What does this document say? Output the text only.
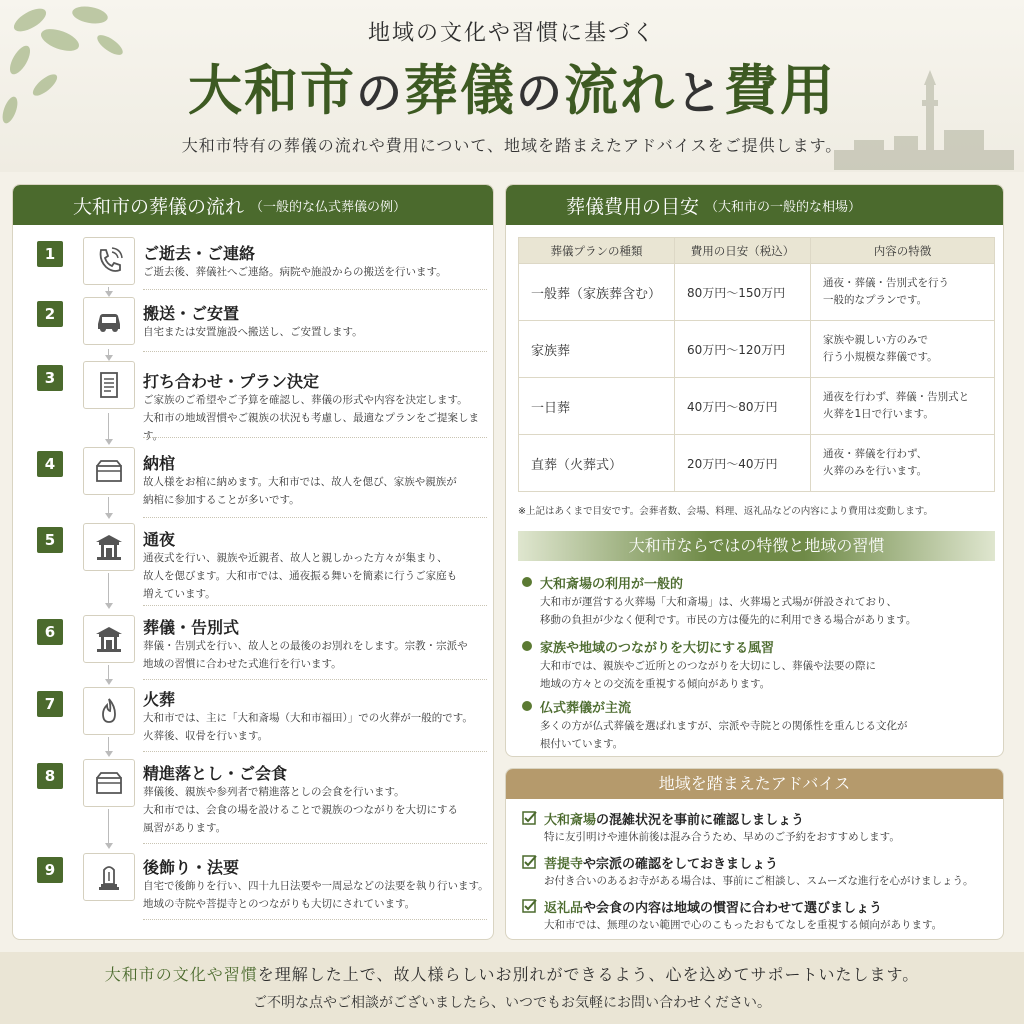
地域の文化や習慣に基づく
大和市の葬儀の流れと費用
大和市特有の葬儀の流れや費用について、地域を踏まえたアドバイスをご提供します。
大和市の葬儀の流れ （一般的な仏式葬儀の例）
1	ご逝去・ご連絡
ご逝去後、葬儀社へご連絡。病院や施設からの搬送を行います。
2	搬送・ご安置
自宅または安置施設へ搬送し、ご安置します。
3	打ち合わせ・プラン決定
ご家族のご希望やご予算を確認し、葬儀の形式や内容を決定します。
大和市の地域習慣やご親族の状況も考慮し、最適なプランをご提案します。
4	納棺
故人様をお棺に納めます。大和市では、故人を偲び、家族や親族が
納棺に参加することが多いです。
5	通夜
通夜式を行い、親族や近親者、故人と親しかった方々が集まり、
故人を偲びます。大和市では、通夜振る舞いを簡素に行うご家庭も
増えています。
6	葬儀・告別式
葬儀・告別式を行い、故人との最後のお別れをします。宗教・宗派や
地域の習慣に合わせた式進行を行います。
7	火葬
大和市では、主に「大和斎場（大和市福田）」での火葬が一般的です。
火葬後、収骨を行います。
8	精進落とし・ご会食
葬儀後、親族や参列者で精進落としの会食を行います。
大和市では、会食の場を設けることで親族のつながりを大切にする
風習があります。
9	後飾り・法要
自宅で後飾りを行い、四十九日法要や一周忌などの法要を執り行います。
地域の寺院や菩提寺とのつながりも大切にされています。
葬儀費用の目安 （大和市の一般的な相場）
葬儀プランの種類	費用の日安（税込）	内容の特徴
一般葬（家族葬含む）	80万円〜150万円	通夜・葬儀・告別式を行う
一般的なプランです。
家族葬	60万円〜120万円	家族や親しい方のみで
行う小規模な葬儀です。
一日葬	40万円〜80万円	通夜を行わず、葬儀・告別式と
火葬を1日で行います。
直葬（火葬式）	20万円〜40万円	通夜・葬儀を行わず、
火葬のみを行います。
※上記はあくまで目安です。会葬者数、会場、料理、返礼品などの内容により費用は変動します。
大和市ならではの特徴と地域の習慣
大和斎場の利用が一般的
大和市が運営する火葬場「大和斎場」は、火葬場と式場が併設されており、
移動の負担が少なく便利です。市民の方は優先的に利用できる場合があります。
家族や地域のつながりを大切にする風習
大和市では、親族やご近所とのつながりを大切にし、葬儀や法要の際に
地域の方々との交流を重視する傾向があります。
仏式葬儀が主流
多くの方が仏式葬儀を選ばれますが、宗派や寺院との関係性を重んじる文化が
根付いています。
地域を踏まえたアドバイス
大和斎場の混雑状況を事前に確認しましょう
特に友引明けや連休前後は混み合うため、早めのご予約をおすすめします。
菩提寺や宗派の確認をしておきましょう
お付き合いのあるお寺がある場合は、事前にご相談し、スムーズな進行を心がけましょう。
返礼品や会食の内容は地域の慣習に合わせて選びましょう
大和市では、無理のない範囲で心のこもったおもてなしを重視する傾向があります。
大和市の文化や習慣を理解した上で、故人様らしいお別れができるよう、心を込めてサポートいたします。
ご不明な点やご相談がございましたら、いつでもお気軽にお問い合わせください。
